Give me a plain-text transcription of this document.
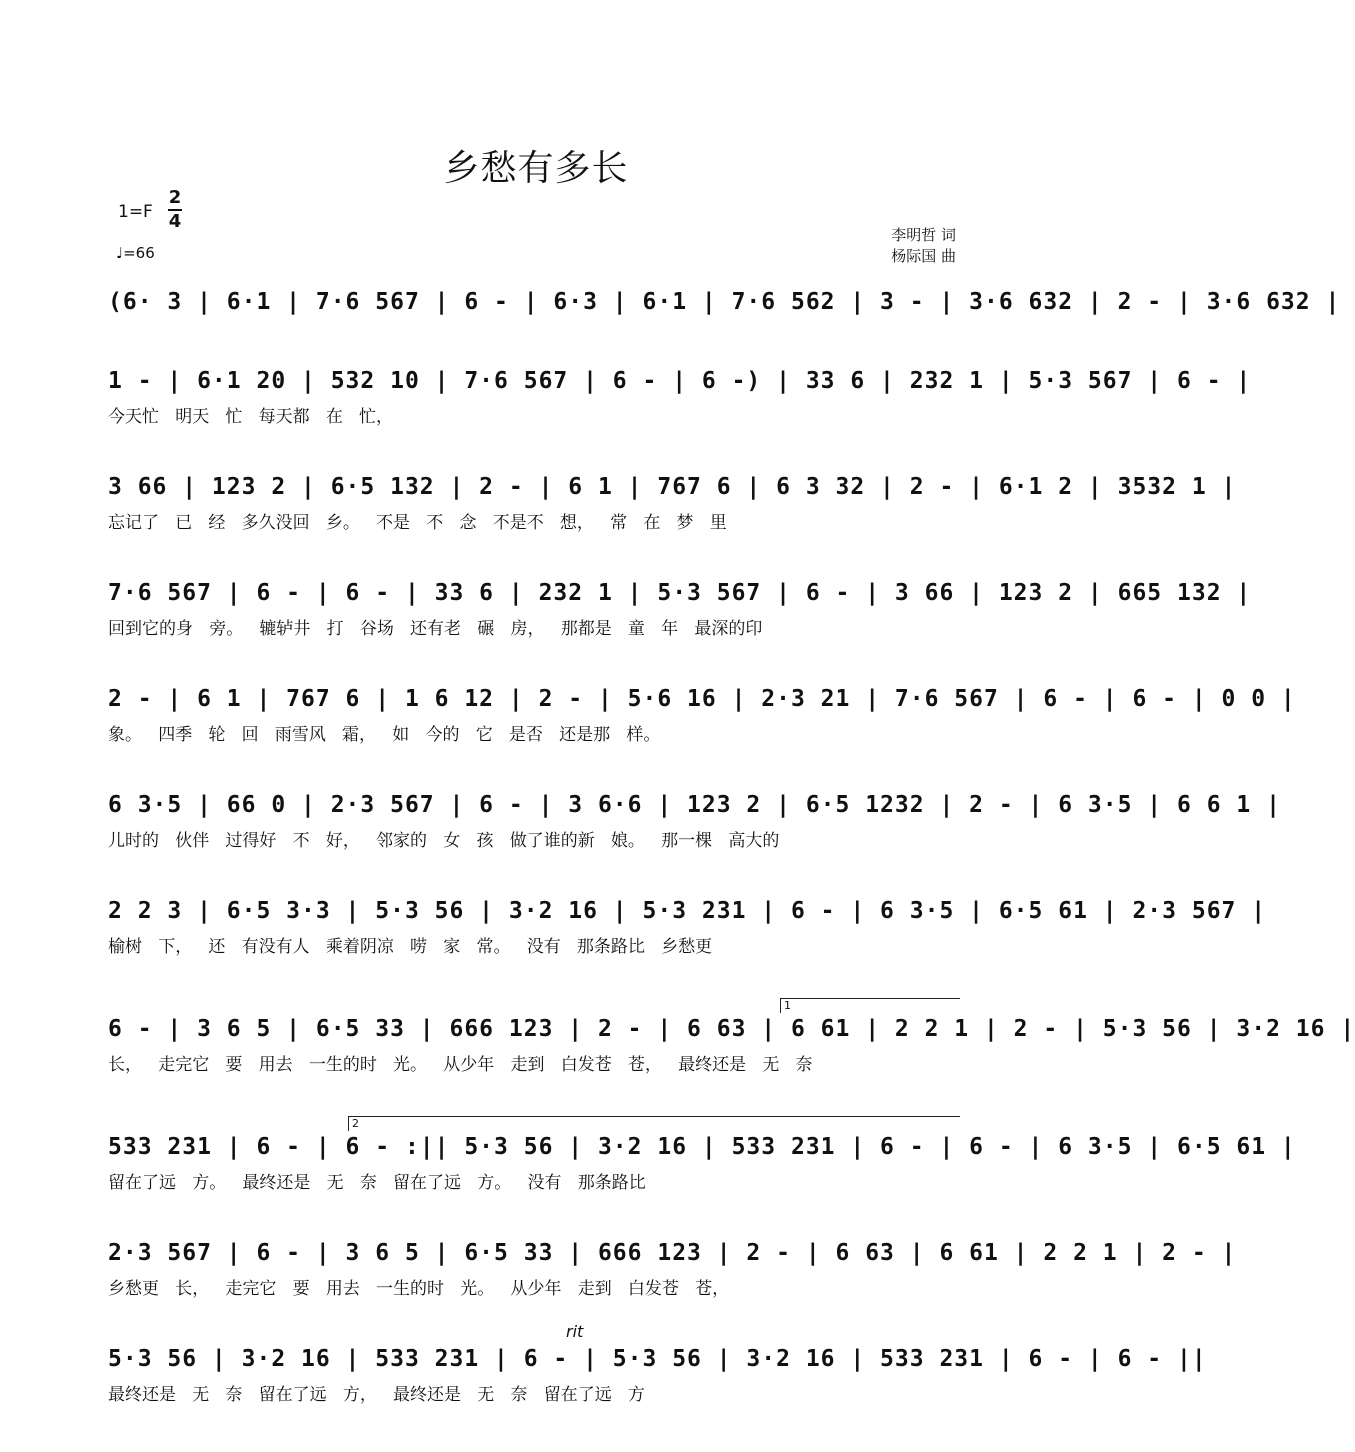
乡愁有多长
1=F
2
4
♩=66
李明哲 词
杨际国 曲
(6· 3 | 6·1 | 7·6 567 | 6 - | 6·3 | 6·1 | 7·6 562 | 3 - | 3·6 632 | 2 - | 3·6 632 |
1 - | 6·1 20 | 532 10 | 7·6 567 | 6 - | 6 -) | 33 6 | 232 1 | 5·3 567 | 6 - |
今天忙   明天   忙   每天都   在   忙，
3 66 | 123 2 | 6·5 132 | 2 - | 6 1 | 767 6 | 6 3 32 | 2 - | 6·1 2 | 3532 1 |
忘记了   已   经   多久没回   乡。   不是   不   念   不是不   想，   常   在   梦   里
7·6 567 | 6 - | 6 - | 33 6 | 232 1 | 5·3 567 | 6 - | 3 66 | 123 2 | 665 132 |
回到它的身   旁。   辘轳井   打   谷场   还有老   碾   房，   那都是   童   年   最深的印
2 - | 6 1 | 767 6 | 1 6 12 | 2 - | 5·6 16 | 2·3 21 | 7·6 567 | 6 - | 6 - | 0 0 |
象。   四季   轮   回   雨雪风   霜，   如   今的   它   是否   还是那   样。
6 3·5 | 66 0 | 2·3 567 | 6 - | 3 6·6 | 123 2 | 6·5 1232 | 2 - | 6 3·5 | 6 6 1 |
儿时的   伙伴   过得好   不   好，   邻家的   女   孩   做了谁的新   娘。   那一棵   高大的
2 2 3 | 6·5 3·3 | 5·3 56 | 3·2 16 | 5·3 231 | 6 - | 6 3·5 | 6·5 61 | 2·3 567 |
榆树   下，   还   有没有人   乘着阴凉   唠   家   常。   没有   那条路比   乡愁更
6 - | 3 6 5 | 6·5 33 | 666 123 | 2 - | 6 63 | 6 61 | 2 2 1 | 2 - | 5·3 56 | 3·2 16 |
长，   走完它   要   用去   一生的时   光。   从少年   走到   白发苍   苍，   最终还是   无   奈
533 231 | 6 - | 6 - :|| 5·3 56 | 3·2 16 | 533 231 | 6 - | 6 - | 6 3·5 | 6·5 61 |
留在了远   方。   最终还是   无   奈   留在了远   方。   没有   那条路比
2·3 567 | 6 - | 3 6 5 | 6·5 33 | 666 123 | 2 - | 6 63 | 6 61 | 2 2 1 | 2 - |
乡愁更   长，   走完它   要   用去   一生的时   光。   从少年   走到   白发苍   苍，
5·3 56 | 3·2 16 | 533 231 | 6 - | 5·3 56 | 3·2 16 | 533 231 | 6 - | 6 - ||
最终还是   无   奈   留在了远   方，   最终还是   无   奈   留在了远   方
1
2
rit
